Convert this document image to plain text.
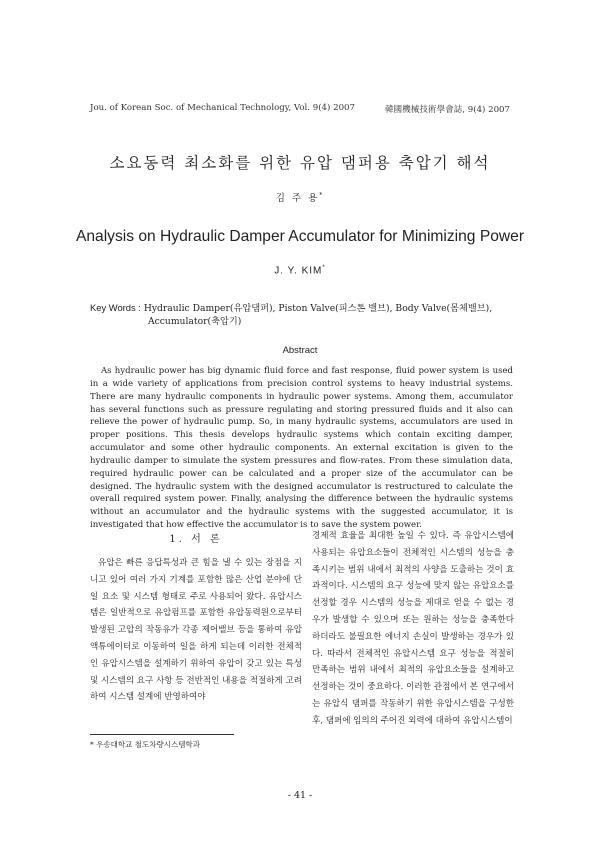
Jou. of Korean Soc. of Mechanical Technology, Vol. 9(4) 2007	韓國機械技術學會誌, 9(4) 2007
소요동력 최소화를 위한 유압 댐퍼용 축압기 해석
김 주 용*
Analysis on Hydraulic Damper Accumulator for Minimizing Power
J. Y. KIM*
Key Words : Hydraulic Damper(유압댐퍼), Piston Valve(피스톤 밸브), Body Valve(몸체밸브),
Accumulator(축압기)
Abstract
As hydraulic power has big dynamic fluid force and fast response, fluid power system is used in a wide variety of applications from precision control systems to heavy industrial systems. There are many hydraulic components in hydraulic power systems. Among them, accumulator has several functions such as pressure regulating and storing pressured fluids and it also can relieve the power of hydraulic pump. So, in many hydraulic systems, accumulators are used in proper positions. This thesis develops hydraulic systems which contain exciting damper, accumulator and some other hydraulic components. An external excitation is given to the hydraulic damper to simulate the system pressures and flow-rates. From these simulation data, required hydraulic power can be calculated and a proper size of the accumulator can be designed. The hydraulic system with the designed accumulator is restructured to calculate the overall required system power. Finally, analysing the difference between the hydraulic systems without an accumulator and the hydraulic systems with the suggested accumulator, it is investigated that how effective the accumulator is to save the system power.
1. 서 론
유압은 빠른 응답특성과 큰 힘을 낼 수 있는 장점을 지니고 있어 여러 가지 기계를 포함한 많은 산업 분야에 단일 요소 및 시스템 형태로 주로 사용되어 왔다. 유압시스템은 일반적으로 유압펌프를 포함한 유압동력원으로부터 발생된 고압의 작동유가 각종 제어밸브 등을 통하여 유압 액튜에이터로 이동하여 일을 하게 되는데 이러한 전체적인 유압시스템을 설계하기 위하여 유압이 갖고 있는 특성 및 시스템의 요구 사항 등 전반적인 내용을 적절하게 고려하여 시스템 설계에 반영하여야
경제적 효율을 최대한 높일 수 있다. 즉 유압시스템에 사용되는 유압요소들이 전체적인 시스템의 성능을 충족시키는 범위 내에서 최적의 사양을 도출하는 것이 효과적이다. 시스템의 요구 성능에 맞지 않는 유압요소를 선정할 경우 시스템의 성능을 제대로 얻을 수 없는 경우가 발생할 수 있으며 또는 원하는 성능을 충족한다 하더라도 불필요한 에너지 손실이 발생하는 경우가 있다. 따라서 전체적인 유압시스템 요구 성능을 적절히 만족하는 범위 내에서 최적의 유압요소들을 설계하고 선정하는 것이 중요하다. 이러한 관점에서 본 연구에서는 유압식 댐퍼를 작동하기 위한 유압시스템을 구성한 후, 댐퍼에 임의의 주어진 외력에 대하여 유압시스템이
* 우송대학교 철도차량시스템학과
- 41 -
